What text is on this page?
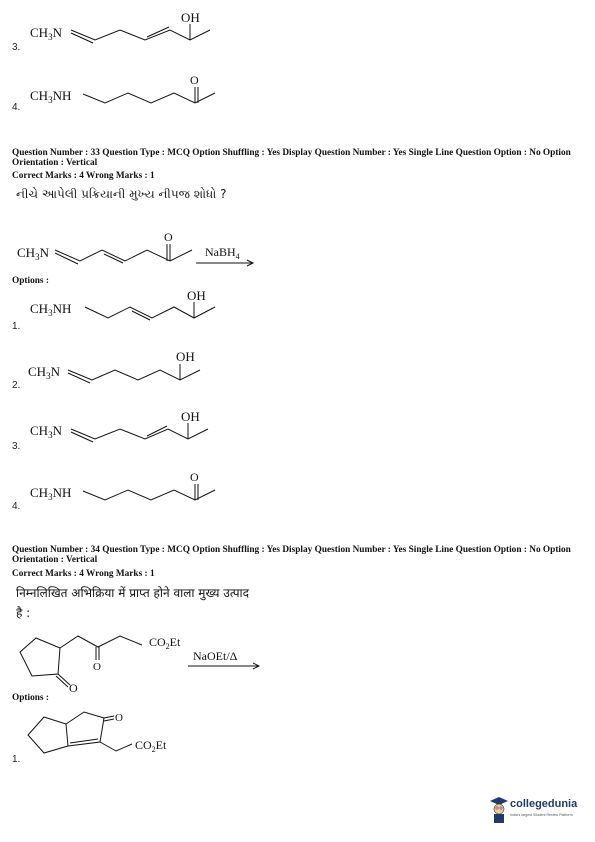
$CH_3N$
OH
$CH_3NH$
O
3.
4.
Question Number : 33 Question Type : MCQ Option Shuffling : Yes Display Question Number : Yes Single Line Question Option : No Option Orientation : Vertical
Correct Marks : 4 Wrong Marks : 1
નીચે આપેલી પ્રક્રિયાની મુખ્ય નીપજ શોધો ?
$CH_3N$
O
NaBH$_4$
Options :
$CH_3NH$
OH
$CH_3N$
OH
$CH_3N$
OH
$CH_3NH$
O
1.
2.
3.
4.
Question Number : 34 Question Type : MCQ Option Shuffling : Yes Display Question Number : Yes Single Line Question Option : No Option Orientation : Vertical
Correct Marks : 4 Wrong Marks : 1
निम्नलिखित अभिक्रिया में प्राप्त होने वाला मुख्य उत्पाद
है :
O
O
$CO_2Et$
NaOEt/Δ
Options :
O
$CO_2Et$
1.
collegedunia
India's largest Student Review Platform
